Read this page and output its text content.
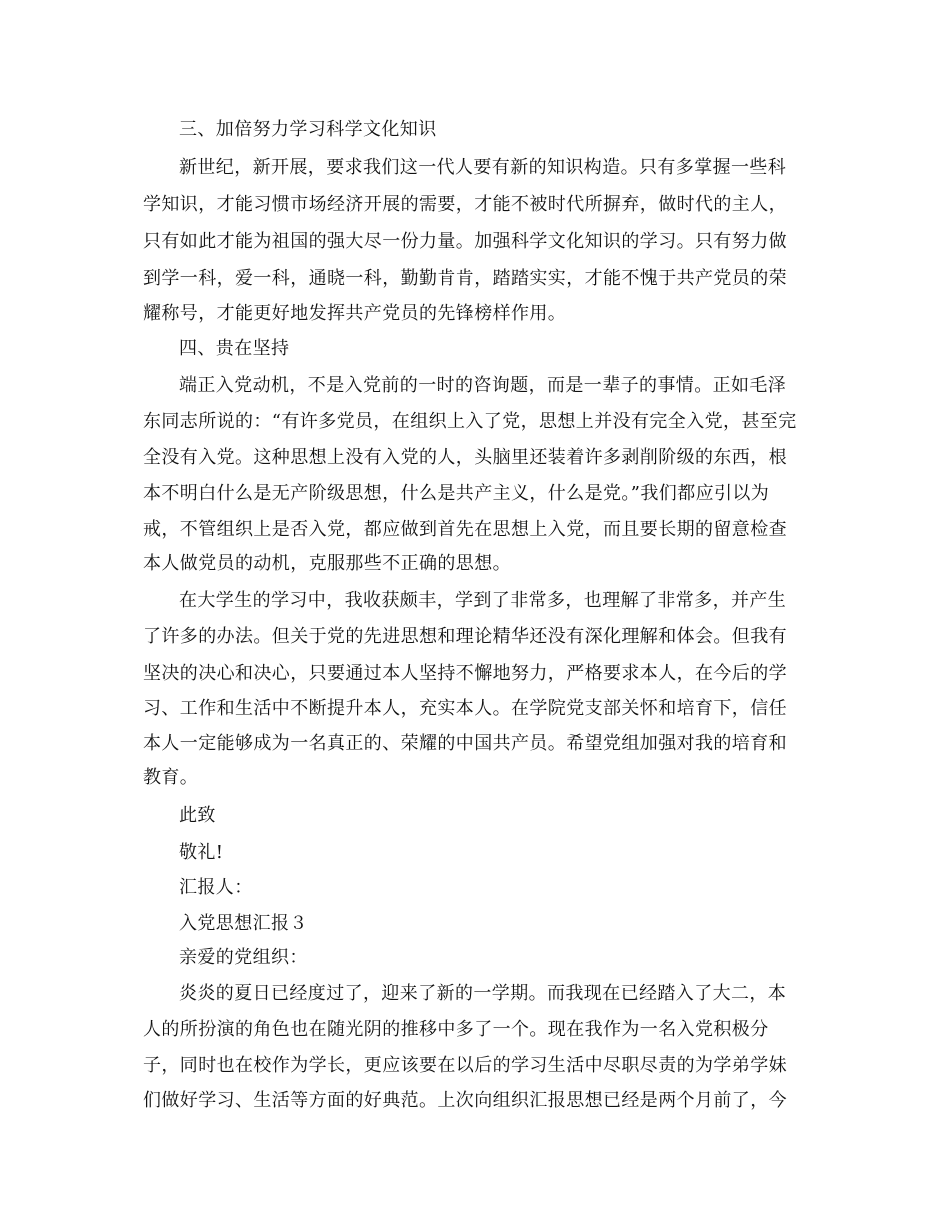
三、加倍努力学习科学文化知识
新世纪，新开展，要求我们这一代人要有新的知识构造。只有多掌握一些科
学知识，才能习惯市场经济开展的需要，才能不被时代所摒弃，做时代的主人，
只有如此才能为祖国的强大尽一份力量。加强科学文化知识的学习。只有努力做
到学一科，爱一科，通晓一科，勤勤肯肯，踏踏实实，才能不愧于共产党员的荣
耀称号，才能更好地发挥共产党员的先锋榜样作用。
四、贵在坚持
端正入党动机，不是入党前的一时的咨询题，而是一辈子的事情。正如毛泽
东同志所说的：“有许多党员，在组织上入了党，思想上并没有完全入党，甚至完
全没有入党。这种思想上没有入党的人，头脑里还装着许多剥削阶级的东西，根
本不明白什么是无产阶级思想，什么是共产主义，什么是党。”我们都应引以为
戒，不管组织上是否入党，都应做到首先在思想上入党，而且要长期的留意检查
本人做党员的动机，克服那些不正确的思想。
在大学生的学习中，我收获颇丰，学到了非常多，也理解了非常多，并产生
了许多的办法。但关于党的先进思想和理论精华还没有深化理解和体会。但我有
坚决的决心和决心，只要通过本人坚持不懈地努力，严格要求本人，在今后的学
习、工作和生活中不断提升本人，充实本人。在学院党支部关怀和培育下，信任
本人一定能够成为一名真正的、荣耀的中国共产员。希望党组加强对我的培育和
教育。
此致
敬礼!
汇报人：
入党思想汇报３
亲爱的党组织：
炎炎的夏日已经度过了，迎来了新的一学期。而我现在已经踏入了大二，本
人的所扮演的角色也在随光阴的推移中多了一个。现在我作为一名入党积极分
子，同时也在校作为学长，更应该要在以后的学习生活中尽职尽责的为学弟学妹
们做好学习、生活等方面的好典范。上次向组织汇报思想已经是两个月前了，今
